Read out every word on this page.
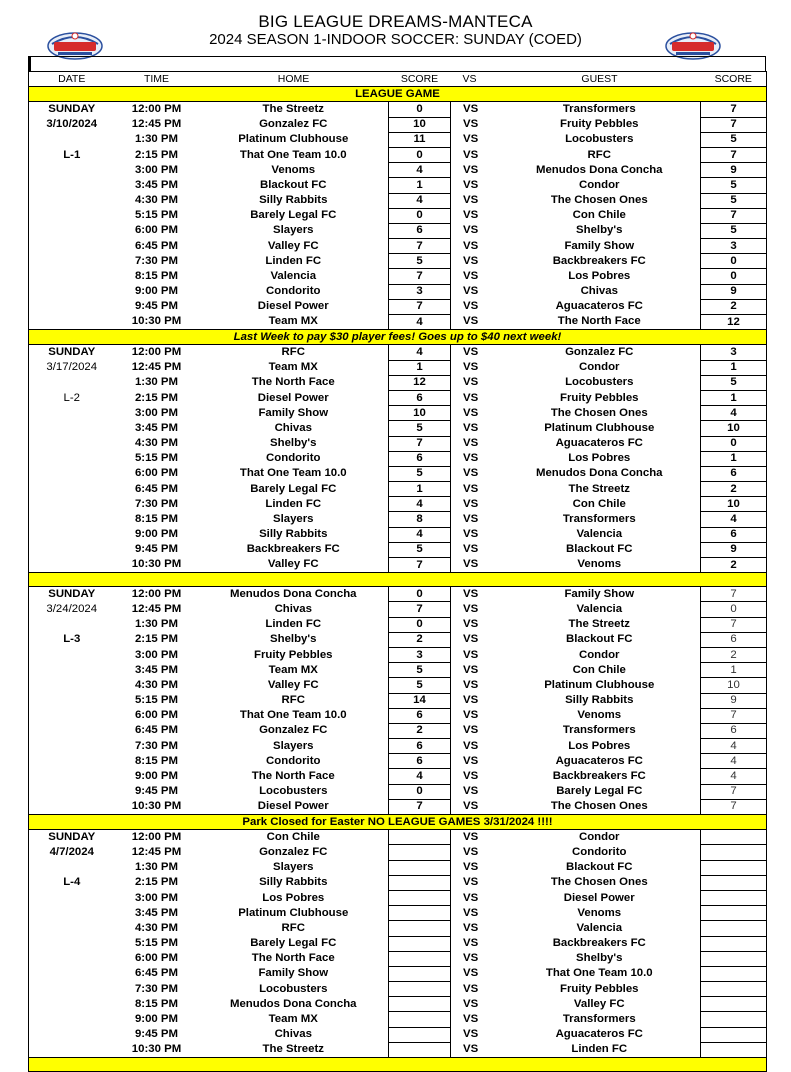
BIG LEAGUE DREAMS-MANTECA
2024 SEASON 1-INDOOR SOCCER: SUNDAY (COED)
DATE	TIME	HOME	SCORE	VS	GUEST	SCORE
LEAGUE GAME						
SUNDAY	12:00 PM	The Streetz	0	VS	Transformers	7
3/10/2024	12:45 PM	Gonzalez FC	10	VS	Fruity Pebbles	7
	1:30 PM	Platinum Clubhouse	11	VS	Locobusters	5
L-1	2:15 PM	That One Team 10.0	0	VS	RFC	7
	3:00 PM	Venoms	4	VS	Menudos Dona Concha	9
	3:45 PM	Blackout FC	1	VS	Condor	5
	4:30 PM	Silly Rabbits	4	VS	The Chosen Ones	5
	5:15 PM	Barely Legal FC	0	VS	Con Chile	7
	6:00 PM	Slayers	6	VS	Shelby's	5
	6:45 PM	Valley FC	7	VS	Family Show	3
	7:30 PM	Linden FC	5	VS	Backbreakers FC	0
	8:15 PM	Valencia	7	VS	Los Pobres	0
	9:00 PM	Condorito	3	VS	Chivas	9
	9:45 PM	Diesel Power	7	VS	Aguacateros FC	2
	10:30 PM	Team MX	4	VS	The North Face	12
Last Week to pay $30 player fees! Goes up to $40 next week!						
SUNDAY	12:00 PM	RFC	4	VS	Gonzalez FC	3
3/17/2024	12:45 PM	Team MX	1	VS	Condor	1
	1:30 PM	The North Face	12	VS	Locobusters	5
L-2	2:15 PM	Diesel Power	6	VS	Fruity Pebbles	1
	3:00 PM	Family Show	10	VS	The Chosen Ones	4
	3:45 PM	Chivas	5	VS	Platinum Clubhouse	10
	4:30 PM	Shelby's	7	VS	Aguacateros FC	0
	5:15 PM	Condorito	6	VS	Los Pobres	1
	6:00 PM	That One Team 10.0	5	VS	Menudos Dona Concha	6
	6:45 PM	Barely Legal FC	1	VS	The Streetz	2
	7:30 PM	Linden FC	4	VS	Con Chile	10
	8:15 PM	Slayers	8	VS	Transformers	4
	9:00 PM	Silly Rabbits	4	VS	Valencia	6
	9:45 PM	Backbreakers FC	5	VS	Blackout FC	9
	10:30 PM	Valley FC	7	VS	Venoms	2

SUNDAY	12:00 PM	Menudos Dona Concha	0	VS	Family Show	7
3/24/2024	12:45 PM	Chivas	7	VS	Valencia	0
	1:30 PM	Linden FC	0	VS	The Streetz	7
L-3	2:15 PM	Shelby's	2	VS	Blackout FC	6
	3:00 PM	Fruity Pebbles	3	VS	Condor	2
	3:45 PM	Team MX	5	VS	Con Chile	1
	4:30 PM	Valley FC	5	VS	Platinum Clubhouse	10
	5:15 PM	RFC	14	VS	Silly Rabbits	9
	6:00 PM	That One Team 10.0	6	VS	Venoms	7
	6:45 PM	Gonzalez FC	2	VS	Transformers	6
	7:30 PM	Slayers	6	VS	Los Pobres	4
	8:15 PM	Condorito	6	VS	Aguacateros FC	4
	9:00 PM	The North Face	4	VS	Backbreakers FC	4
	9:45 PM	Locobusters	0	VS	Barely Legal FC	7
	10:30 PM	Diesel Power	7	VS	The Chosen Ones	7
Park Closed for Easter NO LEAGUE GAMES 3/31/2024 !!!!						
SUNDAY	12:00 PM	Con Chile		VS	Condor	
4/7/2024	12:45 PM	Gonzalez FC		VS	Condorito	
	1:30 PM	Slayers		VS	Blackout FC	
L-4	2:15 PM	Silly Rabbits		VS	The Chosen Ones	
	3:00 PM	Los Pobres		VS	Diesel Power	
	3:45 PM	Platinum Clubhouse		VS	Venoms	
	4:30 PM	RFC		VS	Valencia	
	5:15 PM	Barely Legal FC		VS	Backbreakers FC	
	6:00 PM	The North Face		VS	Shelby's	
	6:45 PM	Family Show		VS	That One Team 10.0	
	7:30 PM	Locobusters		VS	Fruity Pebbles	
	8:15 PM	Menudos Dona Concha		VS	Valley FC	
	9:00 PM	Team MX		VS	Transformers	
	9:45 PM	Chivas		VS	Aguacateros FC	
	10:30 PM	The Streetz		VS	Linden FC	
